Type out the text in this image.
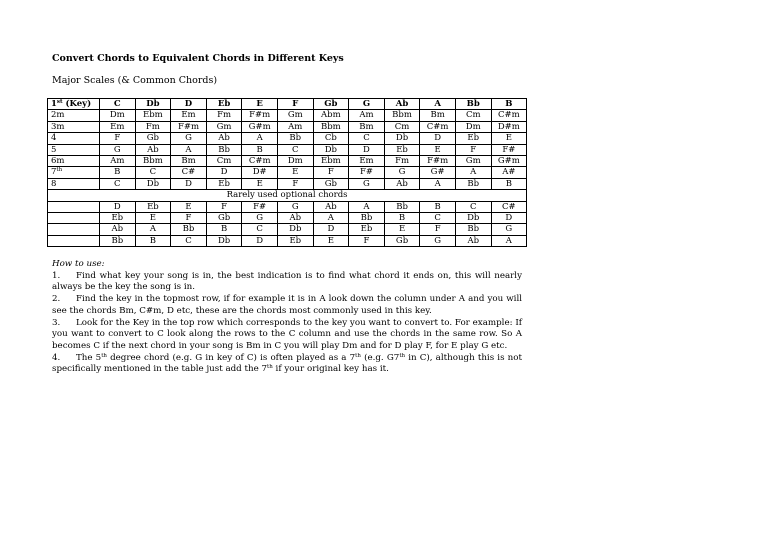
Convert Chords to Equivalent Chords in Different Keys
Major Scales (& Common Chords)
1st (Key)	C	Db	D	Eb	E	F	Gb	G	Ab	A	Bb	B
2m	Dm	Ebm	Em	Fm	F#m	Gm	Abm	Am	Bbm	Bm	Cm	C#m
3m	Em	Fm	F#m	Gm	G#m	Am	Bbm	Bm	Cm	C#m	Dm	D#m
4	F	Gb	G	Ab	A	Bb	Cb	C	Db	D	Eb	E
5	G	Ab	A	Bb	B	C	Db	D	Eb	E	F	F#
6m	Am	Bbm	Bm	Cm	C#m	Dm	Ebm	Em	Fm	F#m	Gm	G#m
7th	B	C	C#	D	D#	E	F	F#	G	G#	A	A#
8	C	Db	D	Eb	E	F	Gb	G	Ab	A	Bb	B
Rarely used optional chords												
	D	Eb	E	F	F#	G	Ab	A	Bb	B	C	C#
	Eb	E	F	Gb	G	Ab	A	Bb	B	C	Db	D
	Ab	A	Bb	B	C	Db	D	Eb	E	F	Bb	G
	Bb	B	C	Db	D	Eb	E	F	Gb	G	Ab	A

How to use:

1. Find what key your song is in, the best indication is to find what chord it ends on, this will nearly always be the key the song is in.

2. Find the key in the topmost row, if for example it is in A look down the column under A and you will see the chords Bm, C#m, D etc, these are the chords most commonly used in this key.

3. Look for the Key in the top row which corresponds to the key you want to convert to. For example: If you want to convert to C look along the rows to the C column and use the chords in the same row. So A becomes C if the next chord in your song is Bm in C you will play Dm and for D play F, for E play G etc.

4. The 5th degree chord (e.g. G in key of C) is often played as a 7th (e.g. G7th in C), although this is not specifically mentioned in the table just add the 7th if your original key has it.
